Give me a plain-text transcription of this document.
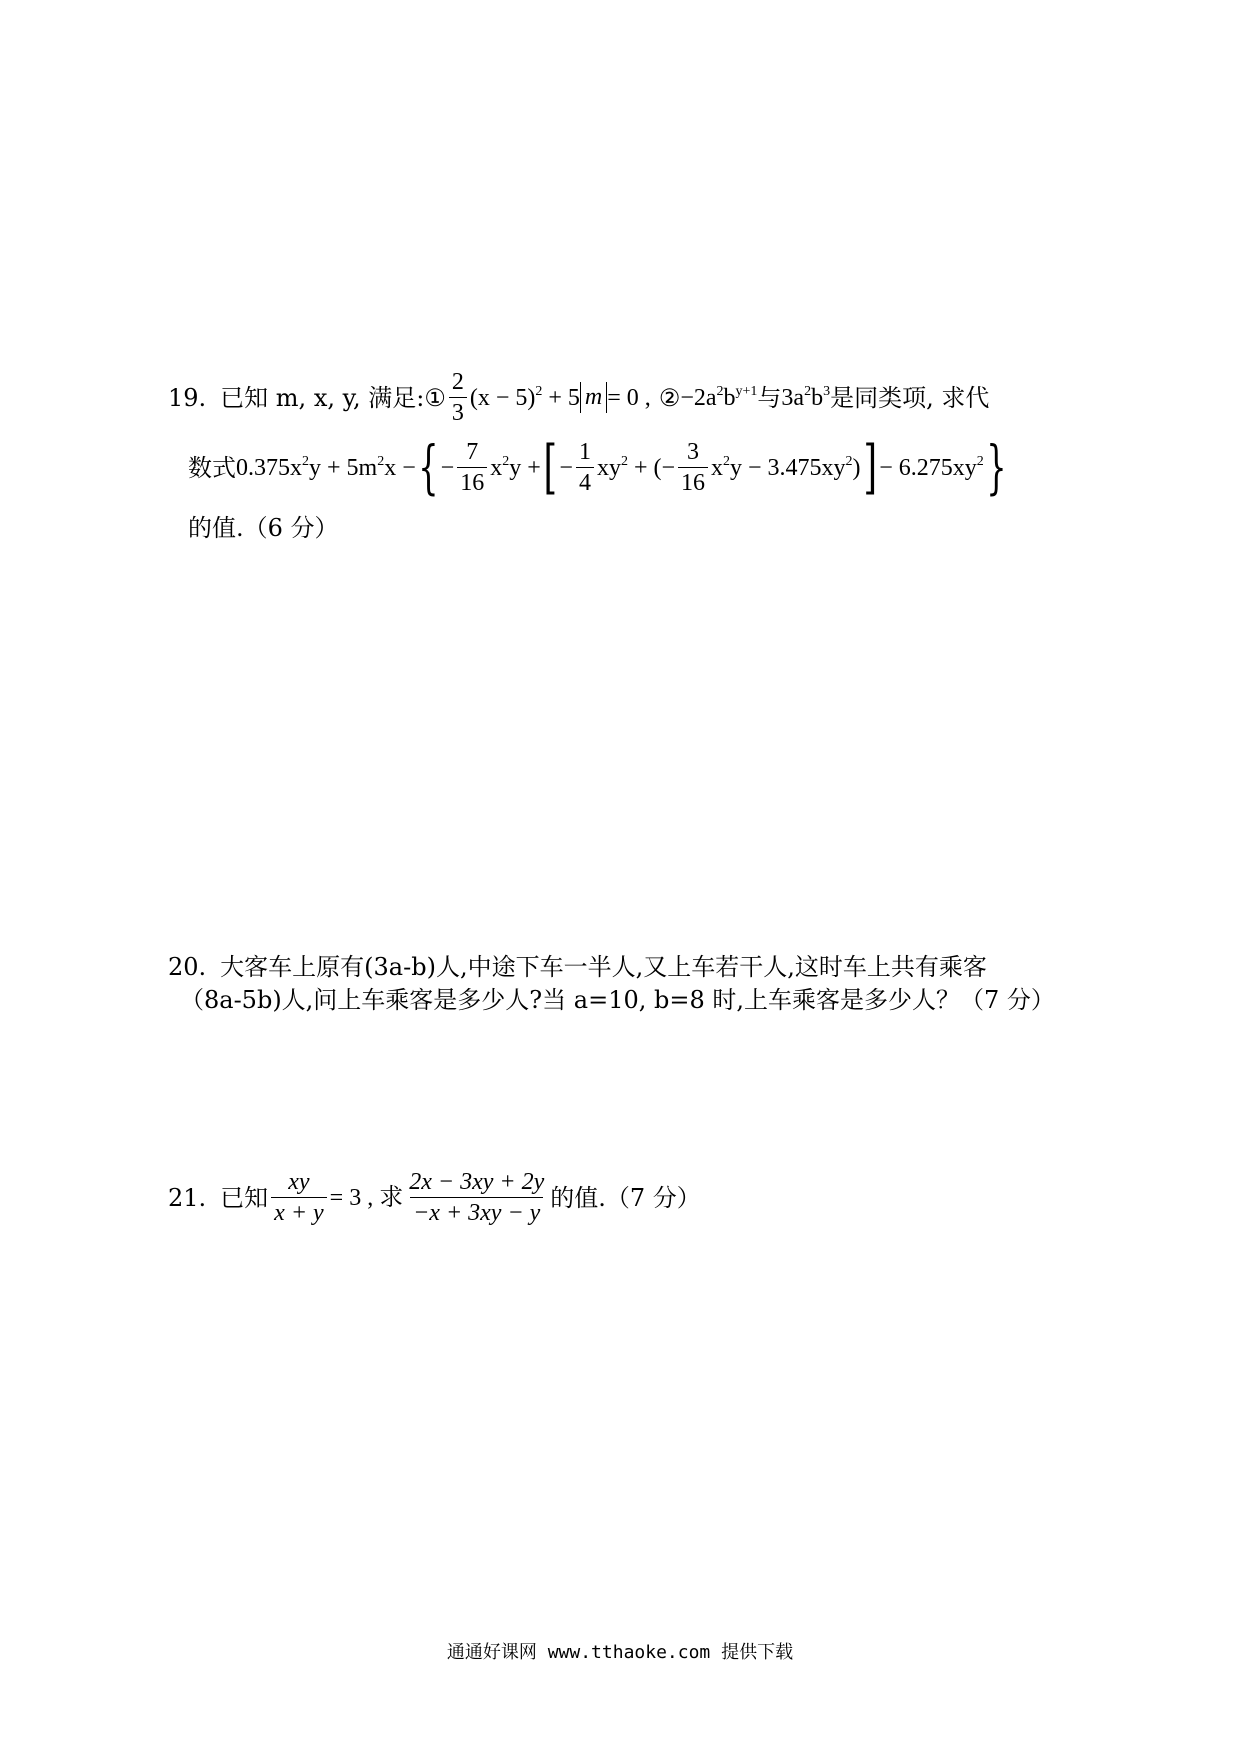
19. 已知 m, x, y, 满足: ① $\frac{2}{3} (x - 5)^2 + 5$ m = 0 , ② $-2a^2b^{y+1}$ 与 $3a^2b^3$ 是同类项, 求代
数式 $0.375x^2y + 5m^2x$ − { − $\frac{7}{16} x^2y$ + [ − $\frac{1}{4} xy^2$ + (− $\frac{3}{16} x^2y - 3.475xy^2$) ] − $6.275xy^2$ }
的值.（6 分）
20. 大客车上原有(3a-b)人,中途下车一半人,又上车若干人,这时车上共有乘客
（8a-5b)人,问上车乘客是多少人?当 a=10, b=8 时,上车乘客是多少人？（7 分）
21. 已知 $\frac{xy}{x + y} = 3$ , 求 $\frac{2x - 3xy + 2y}{-x + 3xy - y}$ 的值.（7 分）
通通好课网 www.tthaoke.com 提供下载
